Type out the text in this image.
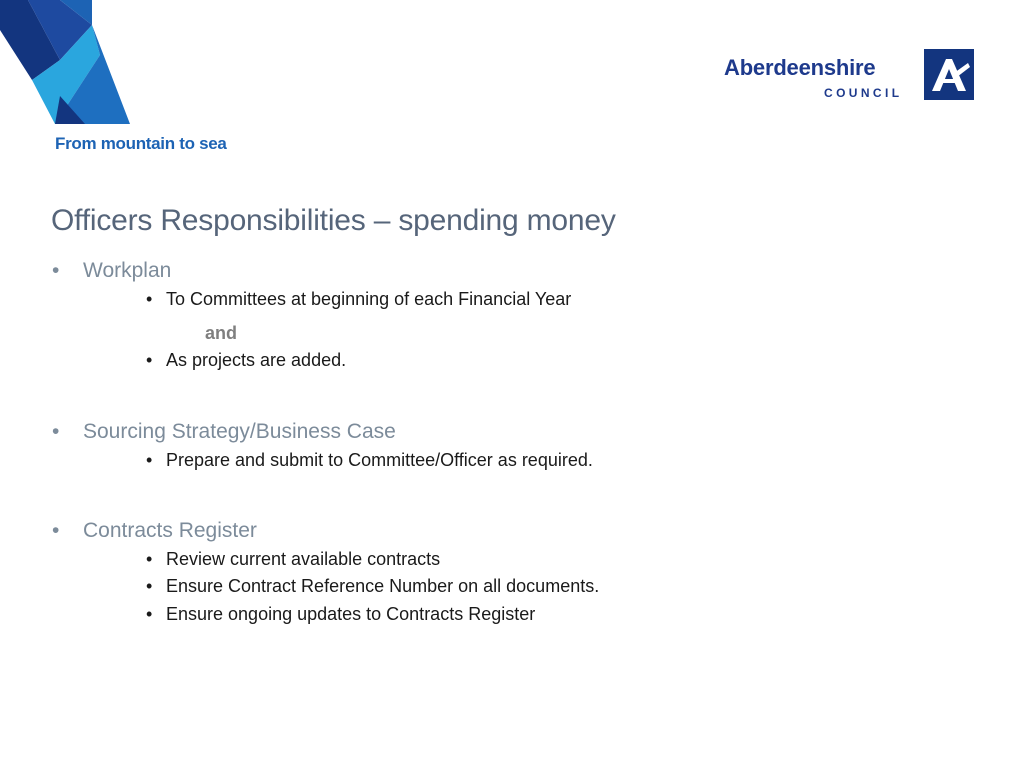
From mountain to sea
Aberdeenshire
COUNCIL
Officers Responsibilities – spending money
• Workplan
• To Committees at beginning of each Financial Year
and
• As projects are added.
• Sourcing Strategy/Business Case
• Prepare and submit to Committee/Officer as required.
• Contracts Register
• Review current available contracts
• Ensure Contract Reference Number on all documents.
• Ensure ongoing updates to Contracts Register
